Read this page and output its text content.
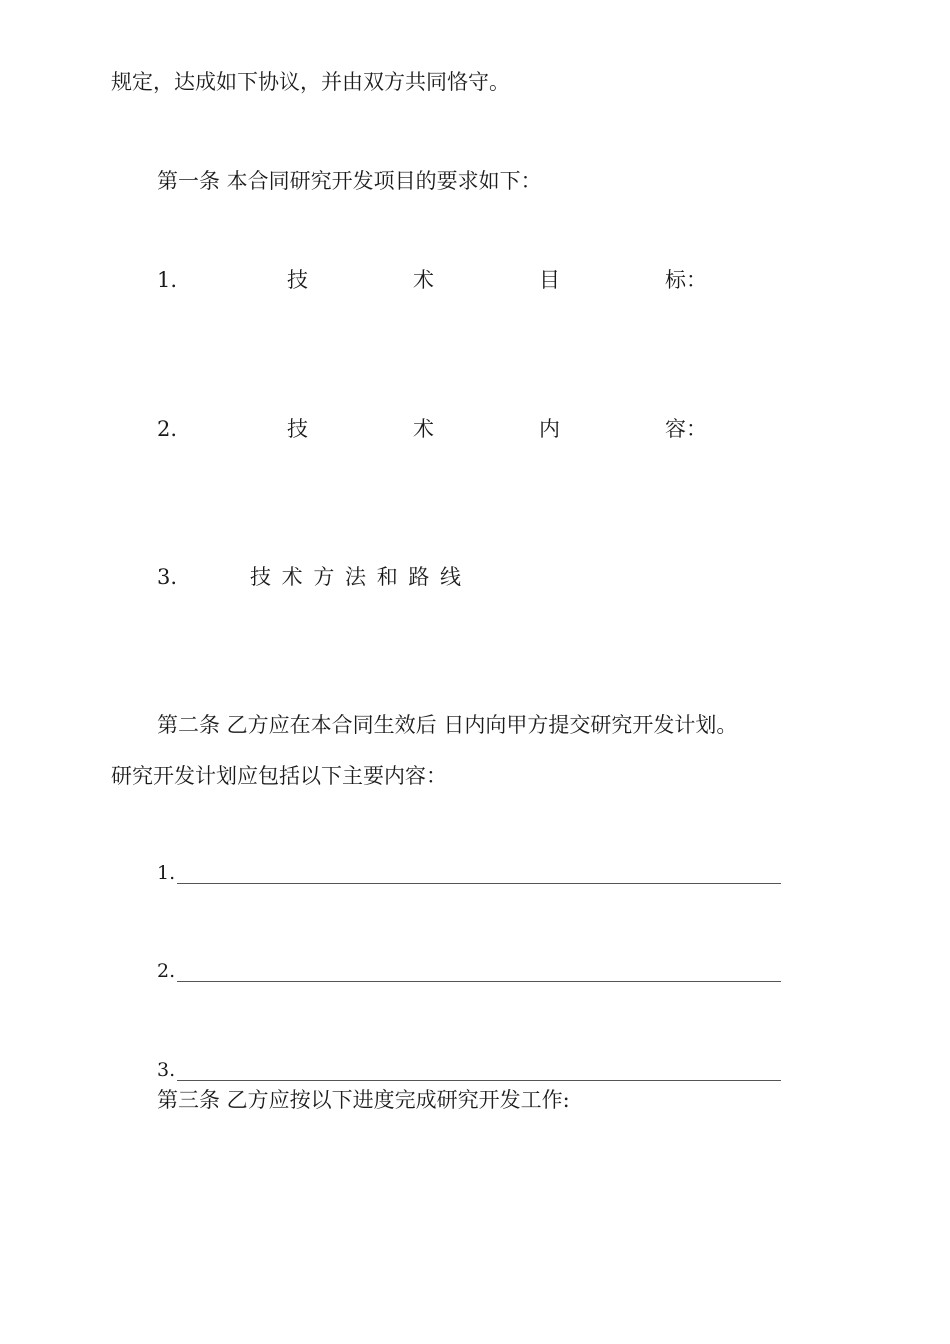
规定，达成如下协议，并由双方共同恪守。
第一条 本合同研究开发项目的要求如下：
1.	技	术	目	标：
2.	技	术	内	容：
3.	技 术 方 法 和 路 线
第二条 乙方应在本合同生效后 日内向甲方提交研究开发计划。
研究开发计划应包括以下主要内容：
1.
2.
3.
第三条 乙方应按以下进度完成研究开发工作:
